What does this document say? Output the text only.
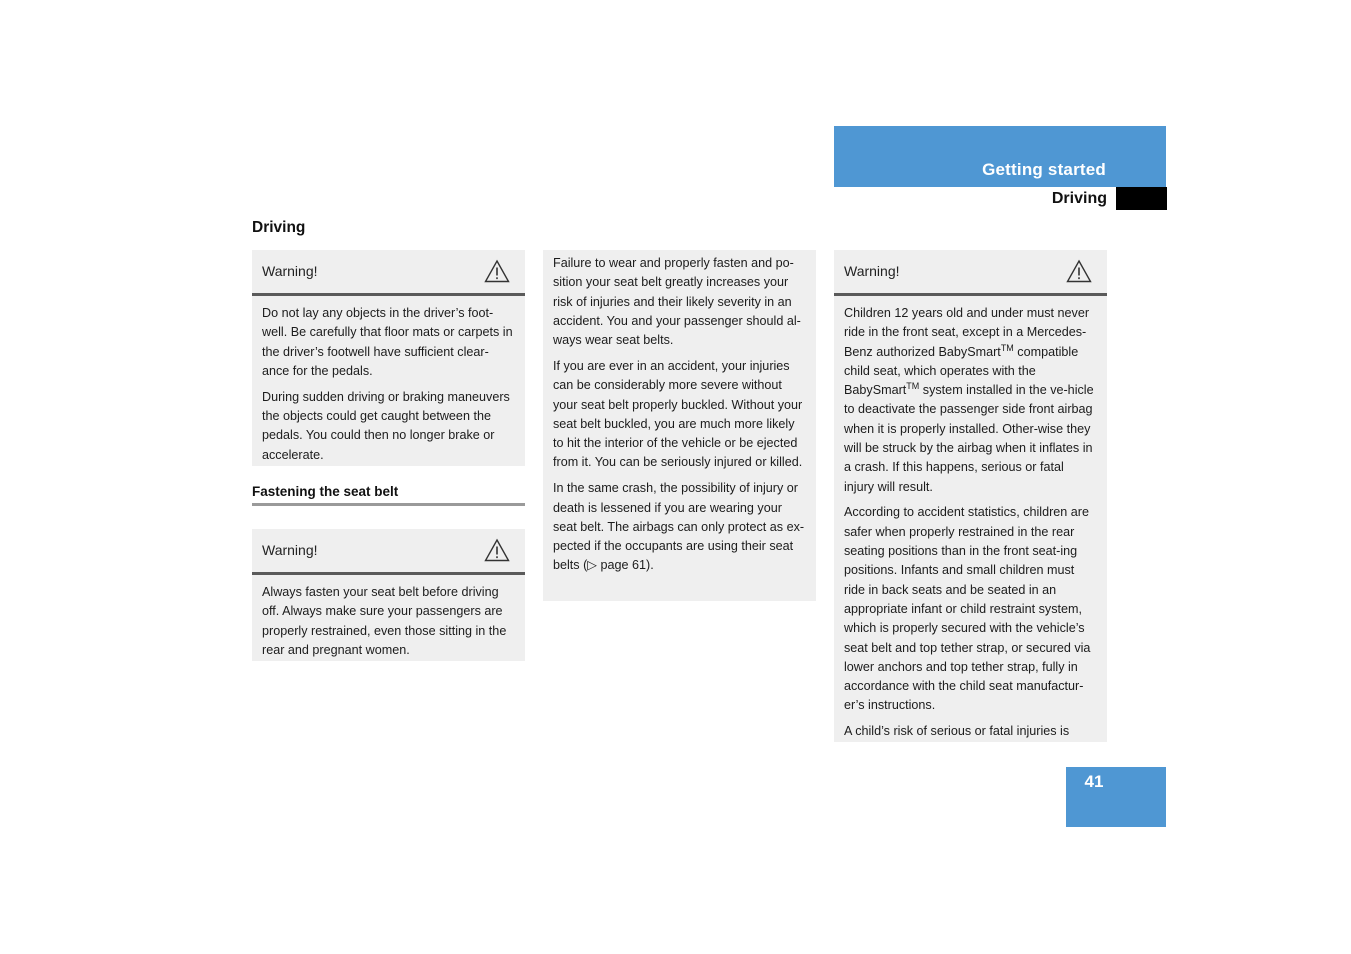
Getting started
Driving
Driving
Warning!

Do not lay any objects in the driver’s foot-well. Be carefully that floor mats or carpets in the driver’s footwell have sufficient clear-ance for the pedals.

During sudden driving or braking maneuvers the objects could get caught between the pedals. You could then no longer brake or accelerate.

Fastening the seat belt
Warning!

Always fasten your seat belt before driving off. Always make sure your passengers are properly restrained, even those sitting in the rear and pregnant women.

Failure to wear and properly fasten and po-sition your seat belt greatly increases your risk of injuries and their likely severity in an accident. You and your passenger should al-ways wear seat belts.

If you are ever in an accident, your injuries can be considerably more severe without your seat belt properly buckled. Without your seat belt buckled, you are much more likely to hit the interior of the vehicle or be ejected from it. You can be seriously injured or killed.

In the same crash, the possibility of injury or death is lessened if you are wearing your seat belt. The airbags can only protect as ex-pected if the occupants are using their seat belts (▷ page 61).

Warning!

Children 12 years old and under must never ride in the front seat, except in a Mercedes-Benz authorized BabySmart™ compatible child seat, which operates with the BabySmart™ system installed in the ve-hicle to deactivate the passenger side front airbag when it is properly installed. Other-wise they will be struck by the airbag when it inflates in a crash. If this happens, serious or fatal injury will result.

According to accident statistics, children are safer when properly restrained in the rear seating positions than in the front seat-ing positions. Infants and small children must ride in back seats and be seated in an appropriate infant or child restraint system, which is properly secured with the vehicle’s seat belt and top tether strap, or secured via lower anchors and top tether strap, fully in accordance with the child seat manufactur-er’s instructions.

A child’s risk of serious or fatal injuries is

41
